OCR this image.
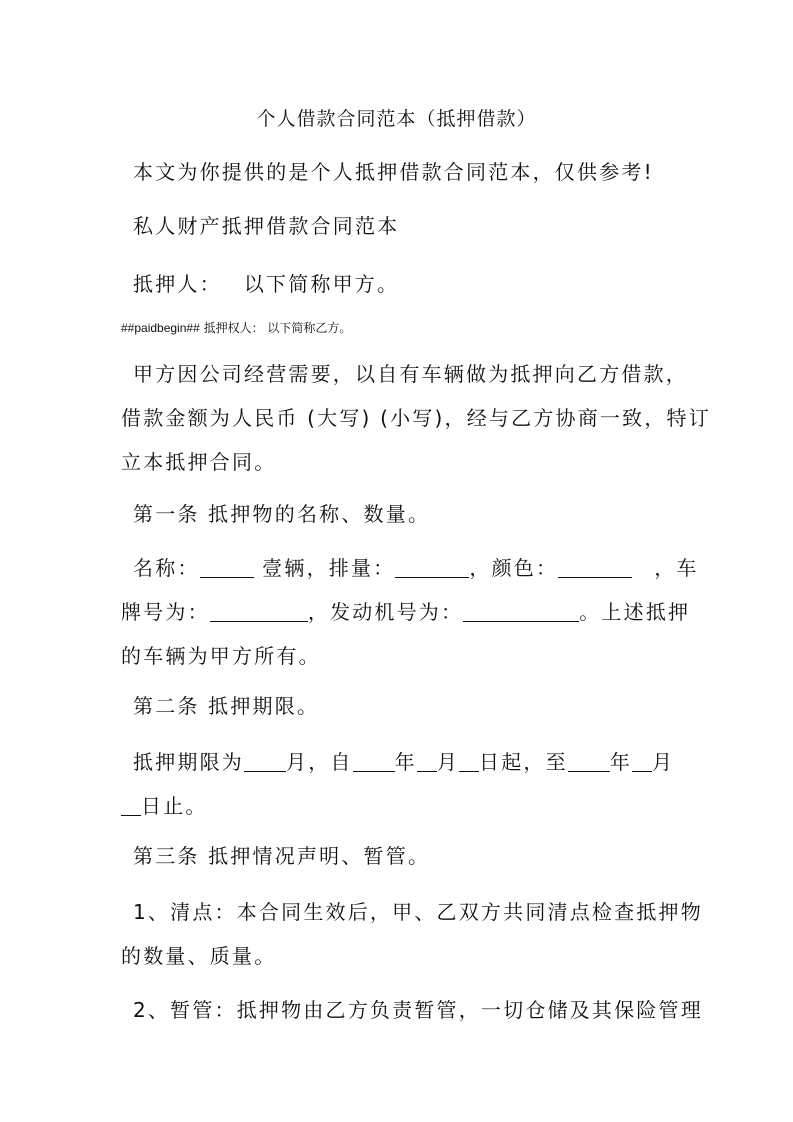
个人借款合同范本（抵押借款）
本文为你提供的是个人抵押借款合同范本，仅供参考!
私人财产抵押借款合同范本
抵押人： 以下简称甲方。
##paidbegin## 抵押权人： 以下简称乙方。
甲方因公司经营需要，以自有车辆做为抵押向乙方借款，
借款金额为人民币 (大写) (小写)，经与乙方协商一致，特订
立本抵押合同。
第一条 抵押物的名称、数量。
名称：	壹辆，排量：	，颜色：	，车
牌号为：	，发动机号为：	。上述抵押
的车辆为甲方所有。
第二条 抵押期限。
抵押期限为 月，自 年 月 日起，至 年 月
日止。
第三条 抵押情况声明、暂管。
1、清点：本合同生效后，甲、乙双方共同清点检查抵押物
的数量、质量。
2、暂管：抵押物由乙方负责暂管，一切仓储及其保险管理
